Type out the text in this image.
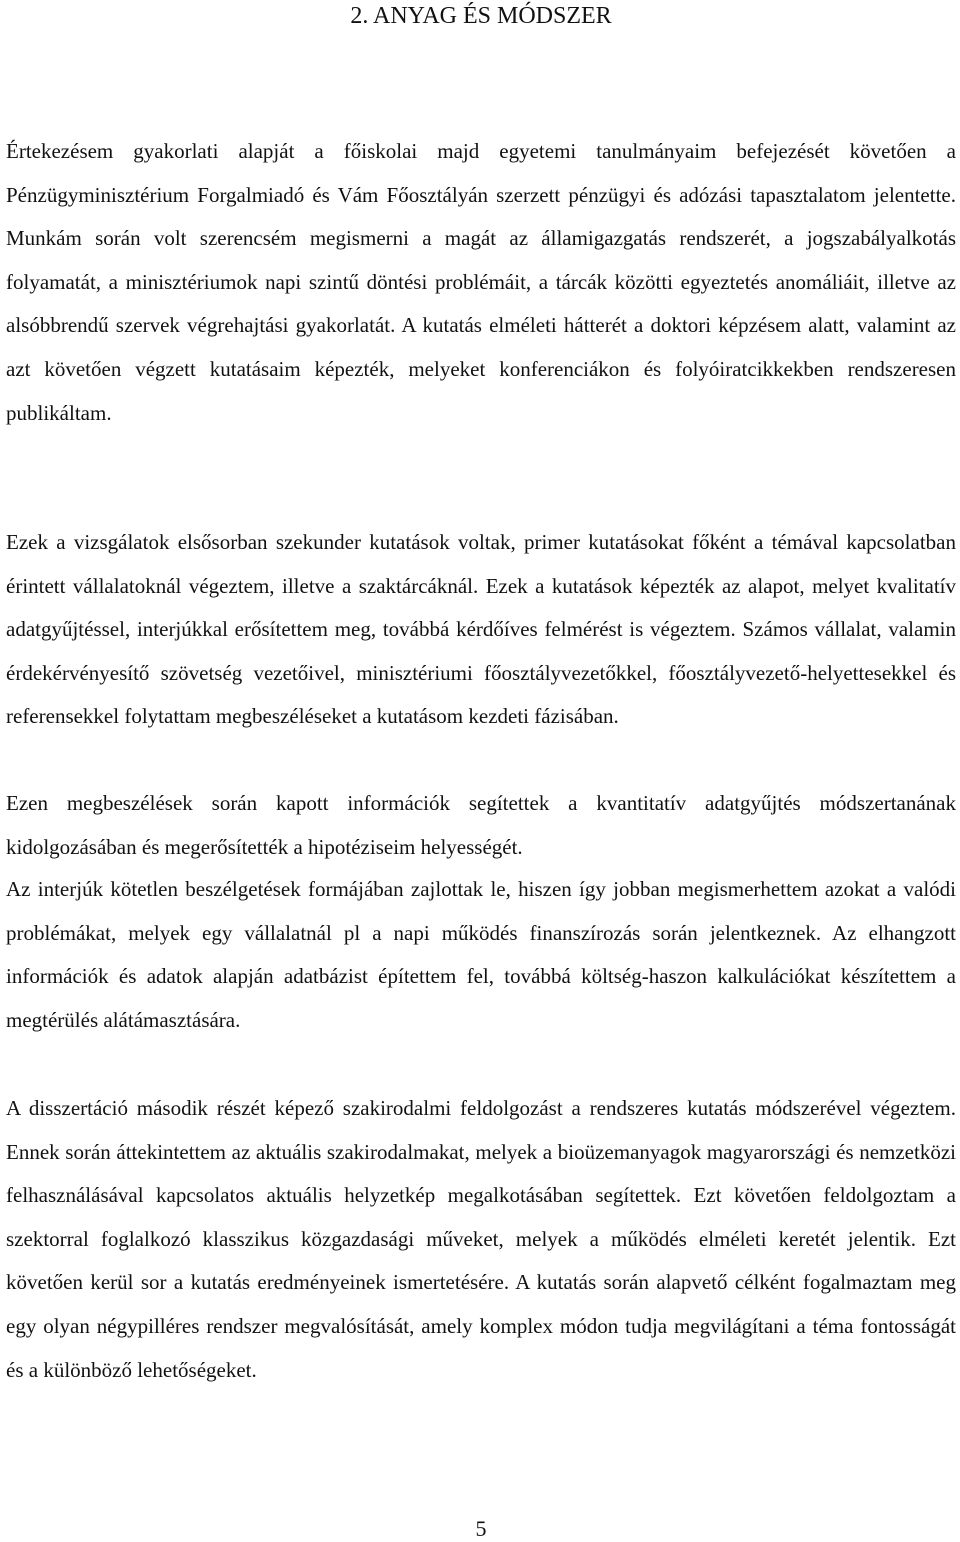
2. ANYAG ÉS MÓDSZER

Értekezésem gyakorlati alapját a főiskolai majd egyetemi tanulmányaim befejezését követően a Pénzügyminisztérium Forgalmiadó és Vám Főosztályán szerzett pénzügyi és adózási tapasztalatom jelentette. Munkám során volt szerencsém megismerni a magát az államigazgatás rendszerét, a jogszabályalkotás folyamatát, a minisztériumok napi szintű döntési problémáit, a tárcák közötti egyeztetés anomáliáit, illetve az alsóbbrendű szervek végrehajtási gyakorlatát. A kutatás elméleti hátterét a doktori képzésem alatt, valamint az azt követően végzett kutatásaim képezték, melyeket konferenciákon és folyóiratcikkekben rendszeresen publikáltam.

Ezek a vizsgálatok elsősorban szekunder kutatások voltak, primer kutatásokat főként a témával kapcsolatban érintett vállalatoknál végeztem, illetve a szaktárcáknál. Ezek a kutatások képezték az alapot, melyet kvalitatív adatgyűjtéssel, interjúkkal erősítettem meg, továbbá kérdőíves felmérést is végeztem. Számos vállalat, valamin érdekérvényesítő szövetség vezetőivel, minisztériumi főosztályvezetőkkel, főosztályvezető-helyettesekkel és referensekkel folytattam megbeszéléseket a kutatásom kezdeti fázisában.

Ezen megbeszélések során kapott információk segítettek a kvantitatív adatgyűjtés módszertanának kidolgozásában és megerősítették a hipotéziseim helyességét.

Az interjúk kötetlen beszélgetések formájában zajlottak le, hiszen így jobban megismerhettem azokat a valódi problémákat, melyek egy vállalatnál pl a napi működés finanszírozás során jelentkeznek. Az elhangzott információk és adatok alapján adatbázist építettem fel, továbbá költség-haszon kalkulációkat készítettem a megtérülés alátámasztására.

A disszertáció második részét képező szakirodalmi feldolgozást a rendszeres kutatás módszerével végeztem. Ennek során áttekintettem az aktuális szakirodalmakat, melyek a bioüzemanyagok magyarországi és nemzetközi felhasználásával kapcsolatos aktuális helyzetkép megalkotásában segítettek. Ezt követően feldolgoztam a szektorral foglalkozó klasszikus közgazdasági műveket, melyek a működés elméleti keretét jelentik. Ezt követően kerül sor a kutatás eredményeinek ismertetésére. A kutatás során alapvető célként fogalmaztam meg egy olyan négypilléres rendszer megvalósítását, amely komplex módon tudja megvilágítani a téma fontosságát és a különböző lehetőségeket.

5
